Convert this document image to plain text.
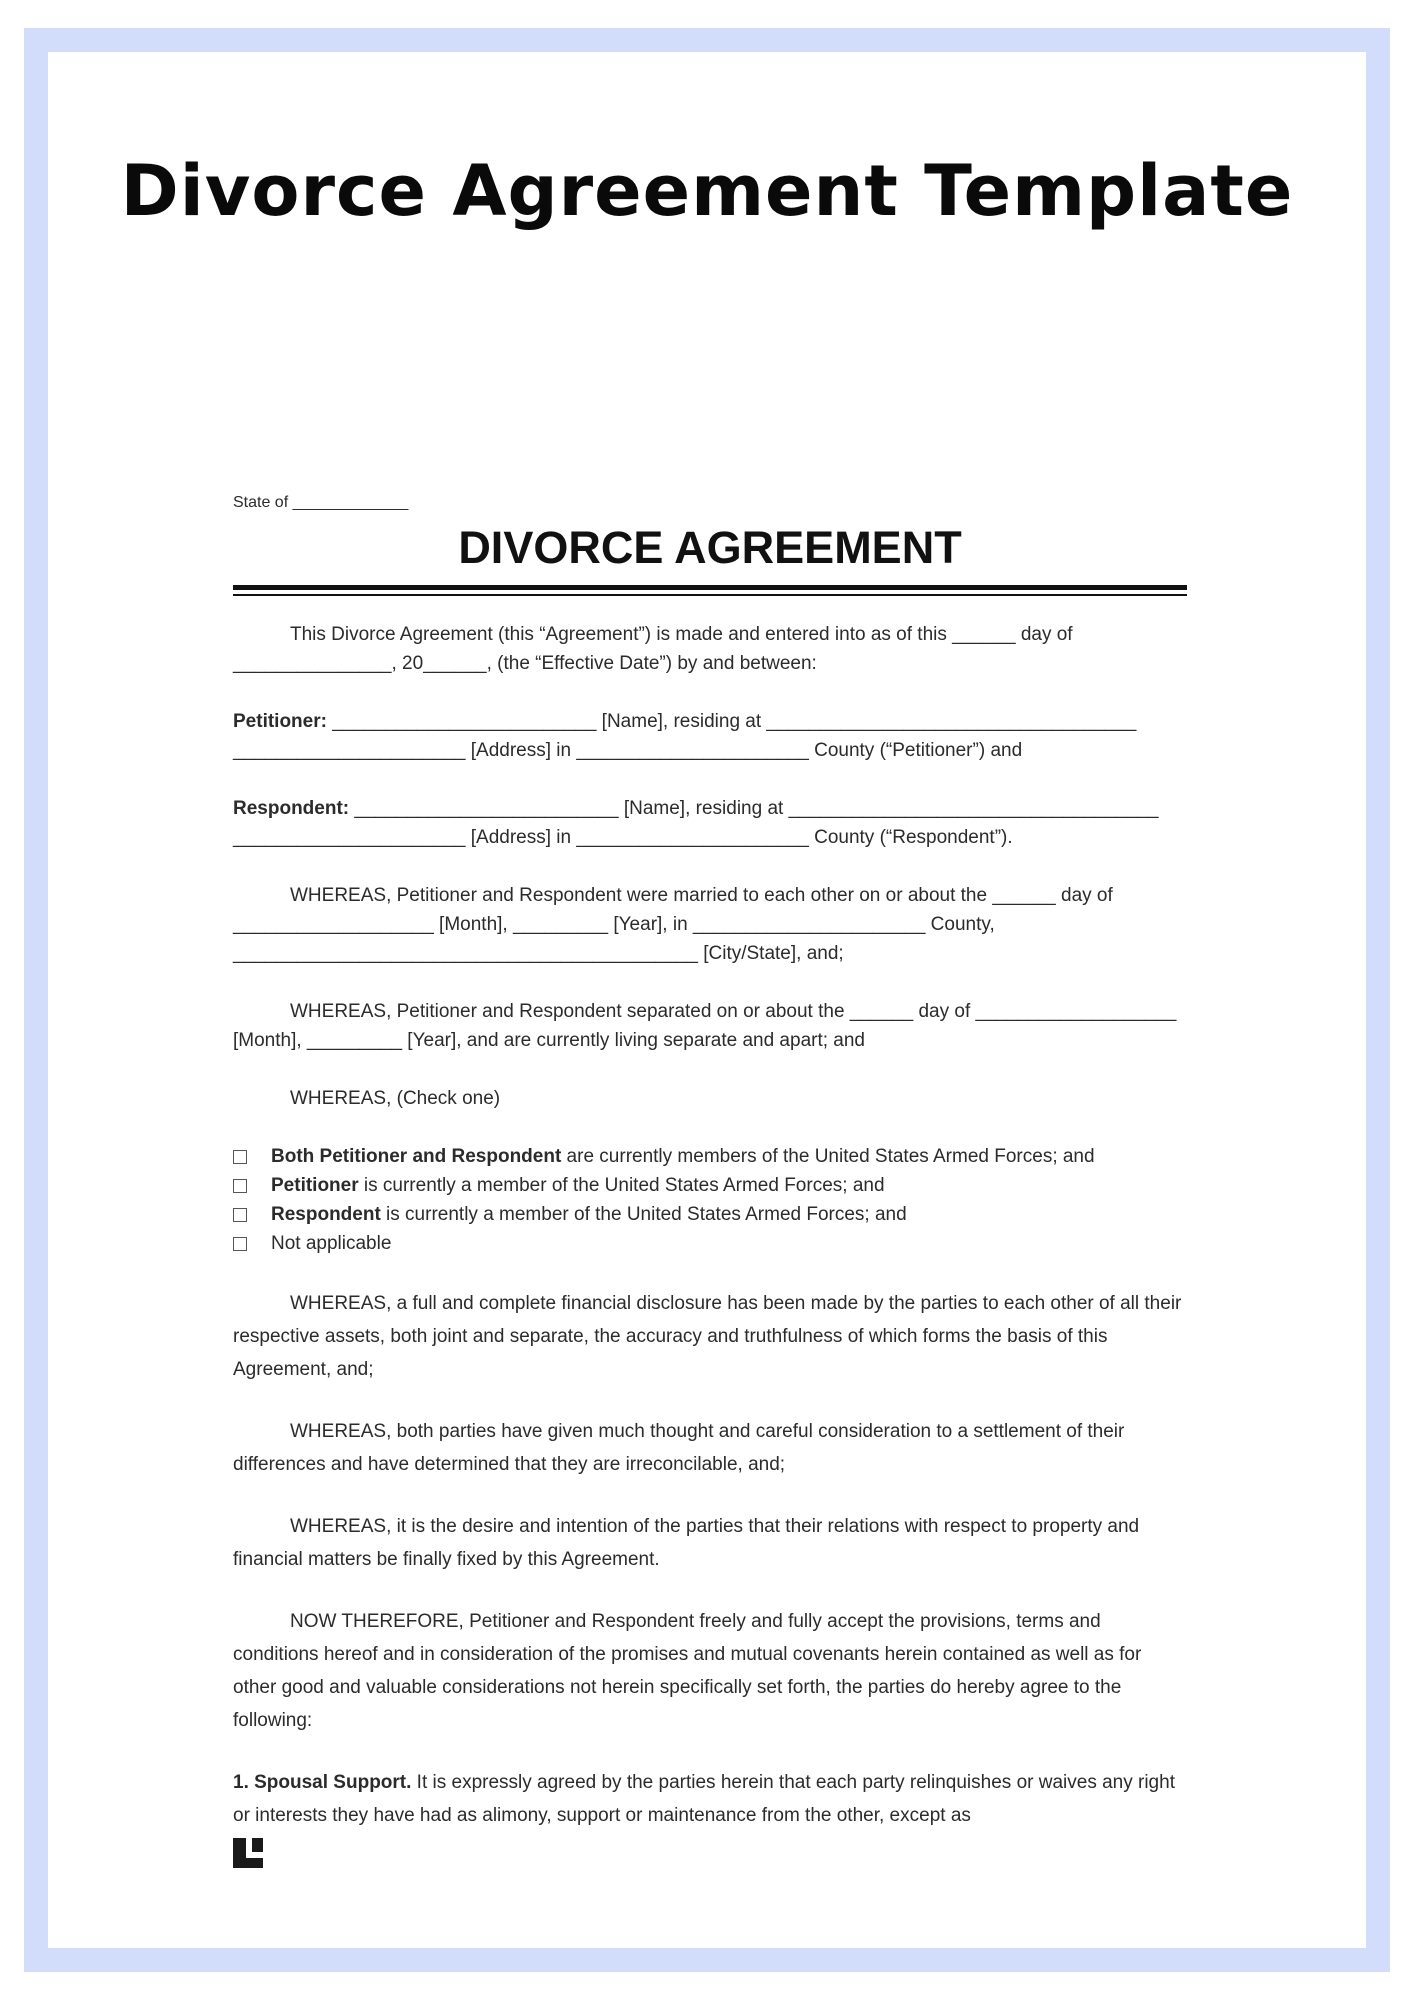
Divorce Agreement Template
State of _____________
DIVORCE AGREEMENT

This Divorce Agreement (this “Agreement”) is made and entered into as of this ______ day of _______________, 20______, (the “Effective Date”) by and between:

Petitioner: _________________________ [Name], residing at ___________________________________ ______________________ [Address] in ______________________ County (“Petitioner”) and

Respondent: _________________________ [Name], residing at ___________________________________ ______________________ [Address] in ______________________ County (“Respondent”).

WHEREAS, Petitioner and Respondent were married to each other on or about the ______ day of ___________________ [Month], _________ [Year], in ______________________ County, ____________________________________________ [City/State], and;

WHEREAS, Petitioner and Respondent separated on or about the ______ day of ___________________ [Month], _________ [Year], and are currently living separate and apart; and

WHEREAS, (Check one)

Both Petitioner and Respondent are currently members of the United States Armed Forces; and
Petitioner is currently a member of the United States Armed Forces; and
Respondent is currently a member of the United States Armed Forces; and
Not applicable

WHEREAS, a full and complete financial disclosure has been made by the parties to each other of all their respective assets, both joint and separate, the accuracy and truthfulness of which forms the basis of this Agreement, and;

WHEREAS, both parties have given much thought and careful consideration to a settlement of their differences and have determined that they are irreconcilable, and;

WHEREAS, it is the desire and intention of the parties that their relations with respect to property and financial matters be finally fixed by this Agreement.

NOW THEREFORE, Petitioner and Respondent freely and fully accept the provisions, terms and conditions hereof and in consideration of the promises and mutual covenants herein contained as well as for other good and valuable considerations not herein specifically set forth, the parties do hereby agree to the following:

1. Spousal Support. It is expressly agreed by the parties herein that each party relinquishes or waives any right or interests they have had as alimony, support or maintenance from the other, except as
